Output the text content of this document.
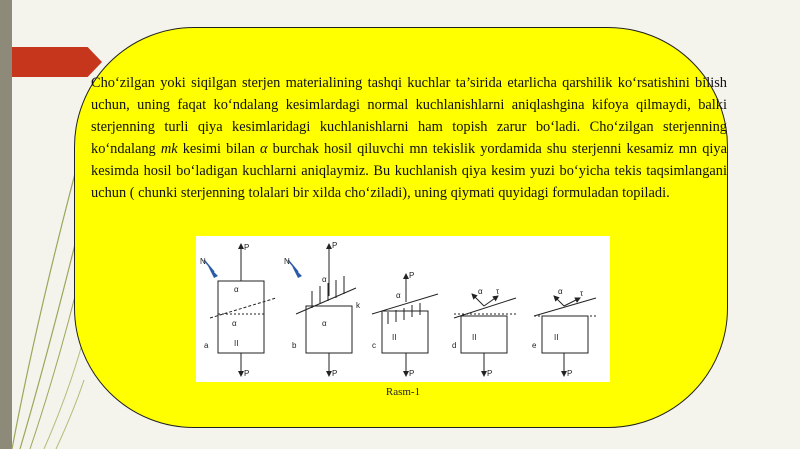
Cho‘zilgan yoki siqilgan sterjen materialining tashqi kuchlar ta’sirida etarlicha qarshilik ko‘rsatishini bilish uchun, uning faqat ko‘ndalang kesimlardagi normal kuchlanishlarni aniqlashgina kifoya qilmaydi, balki sterjenning turli qiya kesimlaridagi kuchlanishlarni ham topish zarur bo‘ladi. Cho‘zilgan sterjenning ko‘ndalang mk kesimi bilan α burchak hosil qiluvchi mn tekislik yordamida shu sterjenni kesamiz mn qiya kesimda hosil bo‘ladigan kuchlarni aniqlaymiz. Bu kuchlanish qiya kesim yuzi bo‘yicha tekis taqsimlangani uchun ( chunki sterjenning tolalari bir xilda cho‘ziladi), uning qiymati quyidagi formuladan topiladi.

P
N
α
α
II
a
P
P
N
α
α
k
b
P
P
α
II
c
P
α τ
II
d
P
α τ
II
e
P
Rasm-1
